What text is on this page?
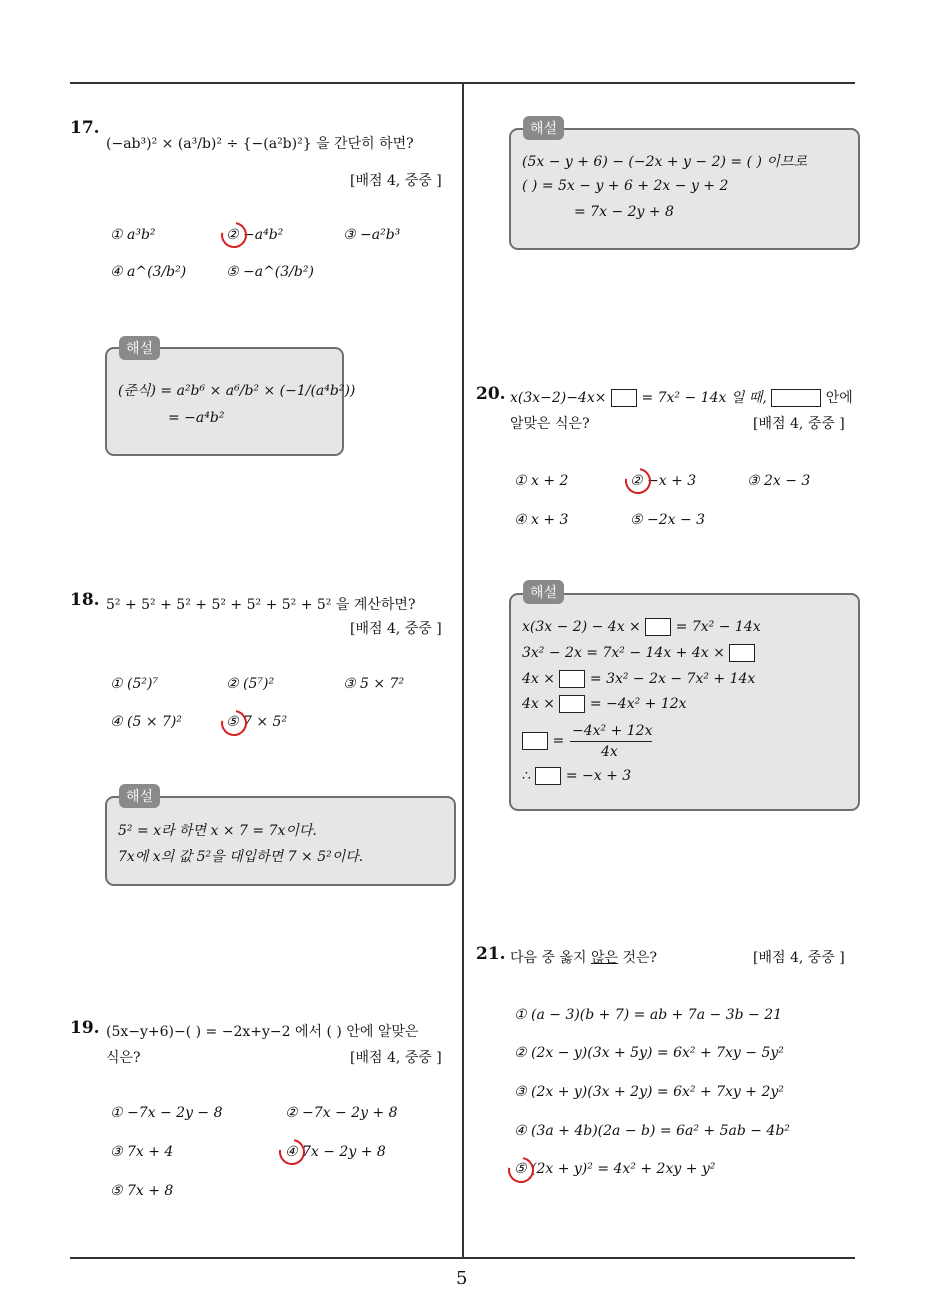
5
17.
(−ab³)² × (a³/b)² ÷ {−(a²b)²} 을 간단히 하면?
[배점 4, 중중 ]
① a³b²	② −a⁴b²	③ −a²b³
④ a^(3/b²)	⑤ −a^(3/b²)
해설
(준식) = a²b⁶ × a⁶/b² × (−1/(a⁴b²))
= −a⁴b²
18. 5² + 5² + 5² + 5² + 5² + 5² + 5² 을 계산하면?
[배점 4, 중중 ]
① (5²)⁷	② (5⁷)²	③ 5 × 7²
④ (5 × 7)²	⑤ 7 × 5²
해설
5² = x라 하면 x × 7 = 7x이다.
7x에 x의 값 5²을 대입하면 7 × 5²이다.
19. (5x−y+6)−( ) = −2x+y−2 에서 ( ) 안에 알맞은
식은?	[배점 4, 중중 ]
① −7x − 2y − 8	② −7x − 2y + 8
③ 7x + 4	④ 7x − 2y + 8
⑤ 7x + 8
해설
(5x − y + 6) − (−2x + y − 2) = ( ) 이므로
( ) = 5x − y + 6 + 2x − y + 2
= 7x − 2y + 8
20. x(3x−2)−4x× = 7x² − 14x 일 때,	안에
알맞은 식은?	[배점 4, 중중 ]
① x + 2	② −x + 3	③ 2x − 3
④ x + 3	⑤ −2x − 3
해설
x(3x − 2) − 4x × = 7x² − 14x
3x² − 2x = 7x² − 14x + 4x ×
4x × = 3x² − 2x − 7x² + 14x
4x × = −4x² + 12x
=
−4x² + 12x
4x
∴ = −x + 3
21. 다음 중 옳지 않은 것은?	[배점 4, 중중 ]
① (a − 3)(b + 7) = ab + 7a − 3b − 21
② (2x − y)(3x + 5y) = 6x² + 7xy − 5y²
③ (2x + y)(3x + 2y) = 6x² + 7xy + 2y²
④ (3a + 4b)(2a − b) = 6a² + 5ab − 4b²
⑤ (2x + y)² = 4x² + 2xy + y²
